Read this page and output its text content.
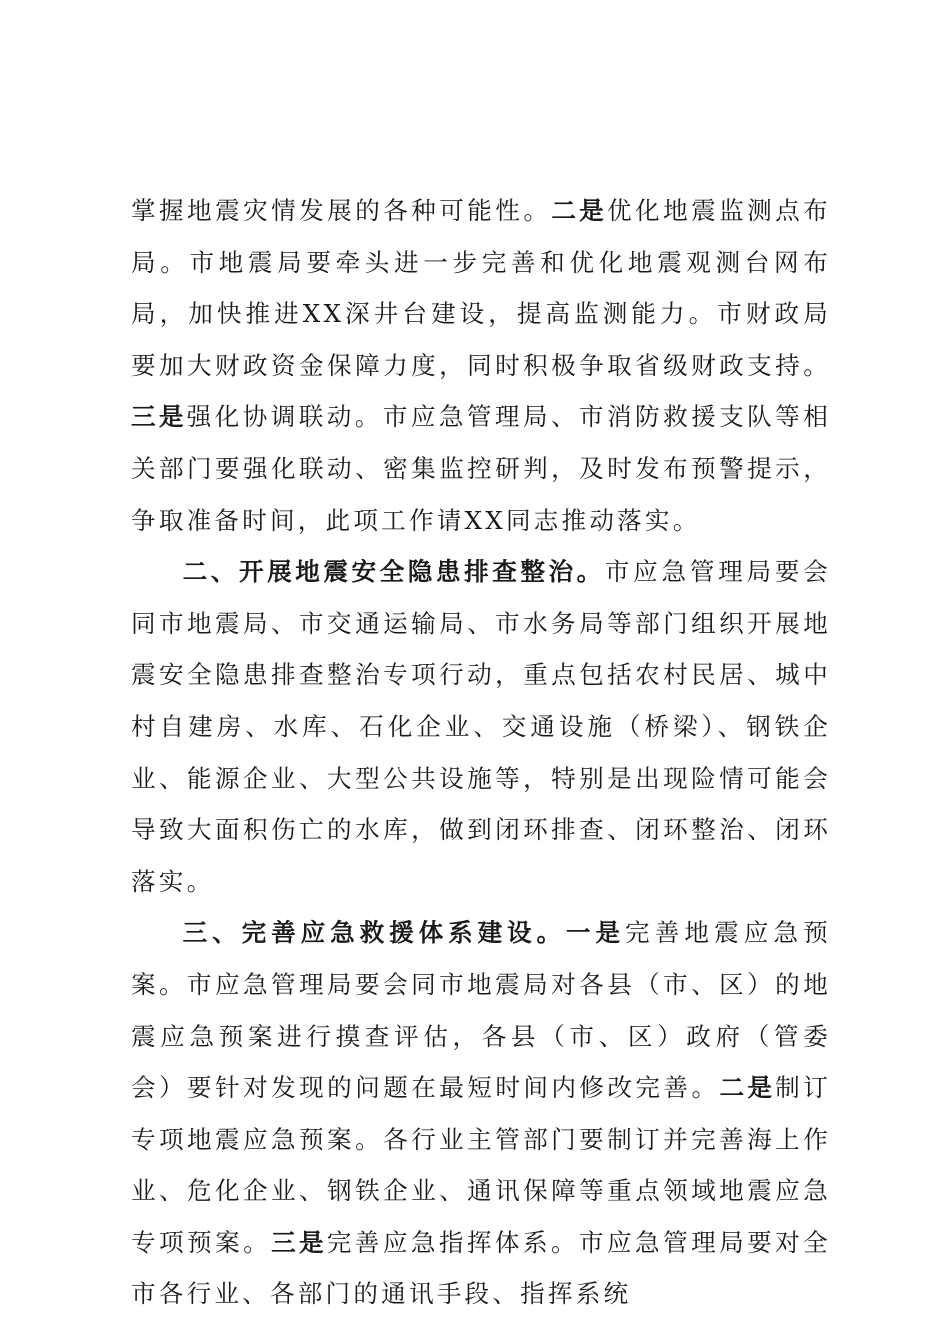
掌握地震灾情发展的各种可能性。二是优化地震监测点布局。市地震局要牵头进一步完善和优化地震观测台网布局，加快推进XX深井台建设，提高监测能力。市财政局要加大财政资金保障力度，同时积极争取省级财政支持。三是强化协调联动。市应急管理局、市消防救援支队等相关部门要强化联动、密集监控研判，及时发布预警提示，争取准备时间，此项工作请XX同志推动落实。

二、开展地震安全隐患排查整治。市应急管理局要会同市地震局、市交通运输局、市水务局等部门组织开展地震安全隐患排查整治专项行动，重点包括农村民居、城中村自建房、水库、石化企业、交通设施（桥梁）、钢铁企业、能源企业、大型公共设施等，特别是出现险情可能会导致大面积伤亡的水库，做到闭环排查、闭环整治、闭环落实。

三、完善应急救援体系建设。一是完善地震应急预案。市应急管理局要会同市地震局对各县（市、区）的地震应急预案进行摸查评估，各县（市、区）政府（管委会）要针对发现的问题在最短时间内修改完善。二是制订专项地震应急预案。各行业主管部门要制订并完善海上作业、危化企业、钢铁企业、通讯保障等重点领域地震应急专项预案。三是完善应急指挥体系。市应急管理局要对全市各行业、各部门的通讯手段、指挥系统
